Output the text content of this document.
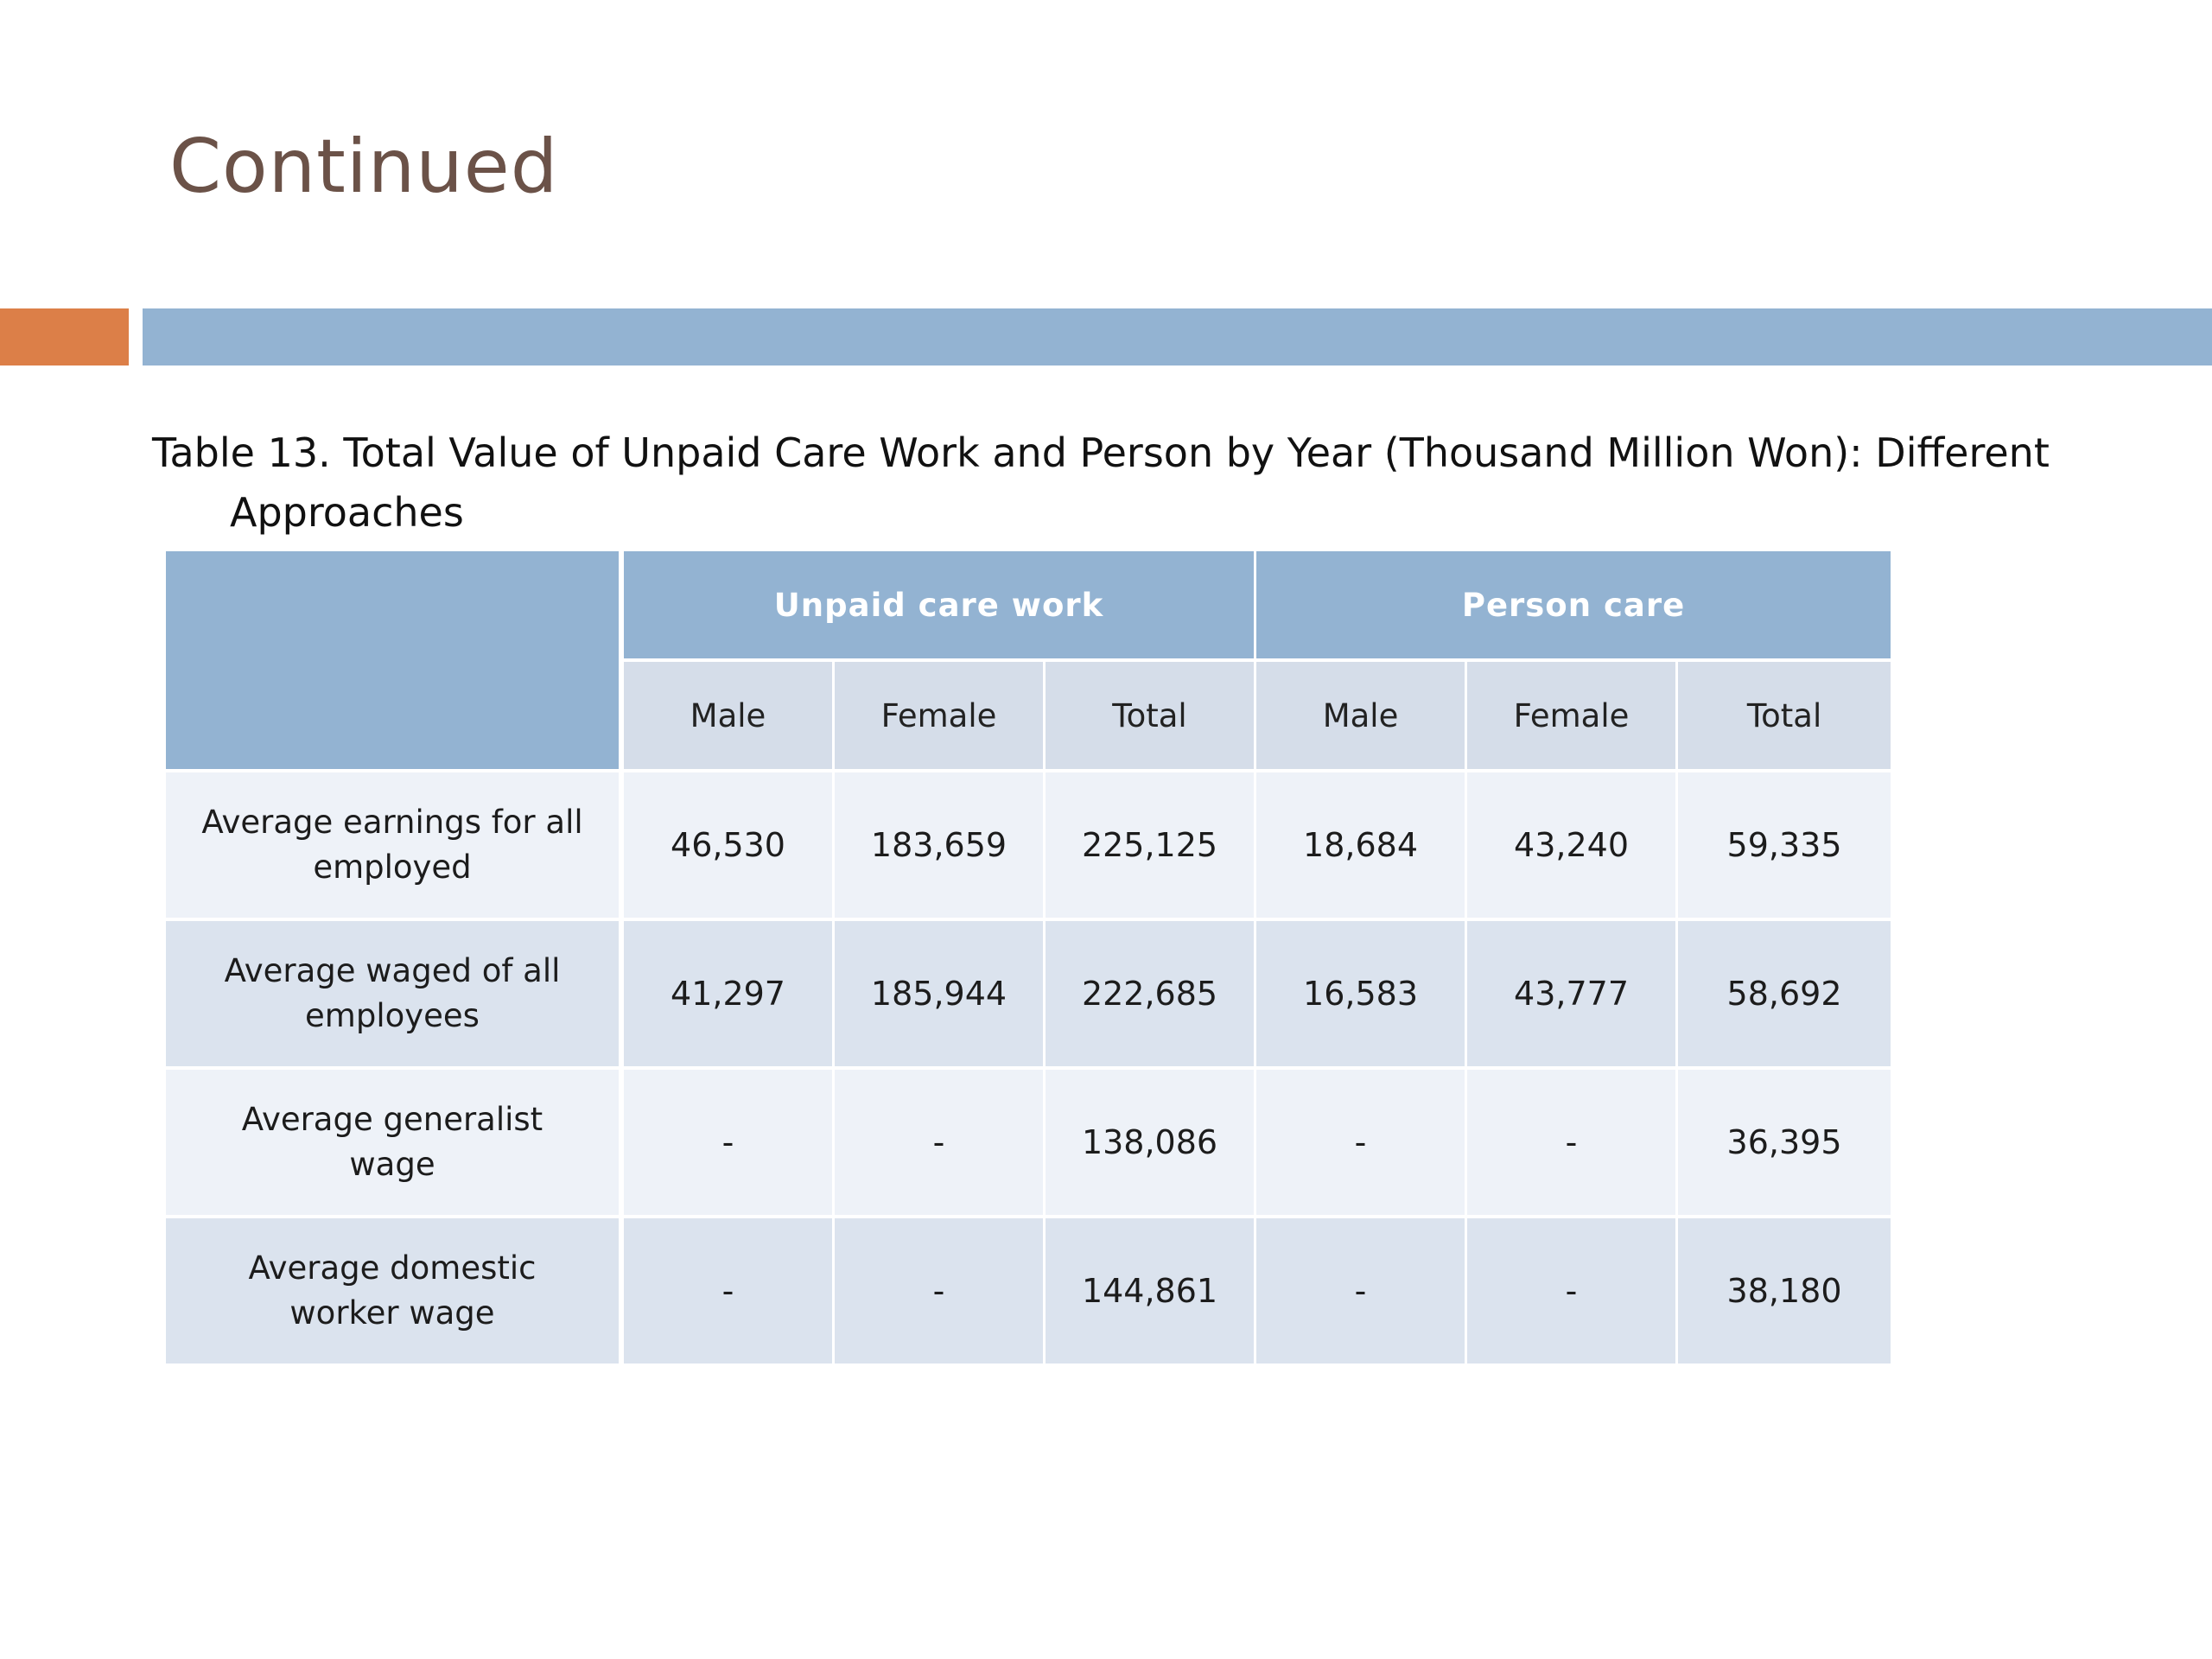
Continued

Table 13. Total Value of Unpaid Care Work and Person by Year (Thousand Million Won): Different Approaches

	Unpaid care work			Person care		
	Male	Female	Total	Male	Female	Total
Average earnings for all employed	46,530	183,659	225,125	18,684	43,240	59,335
Average waged of all employees	41,297	185,944	222,685	16,583	43,777	58,692
Average generalist wage	-	-	138,086	-	-	36,395
Average domestic worker wage	-	-	144,861	-	-	38,180
